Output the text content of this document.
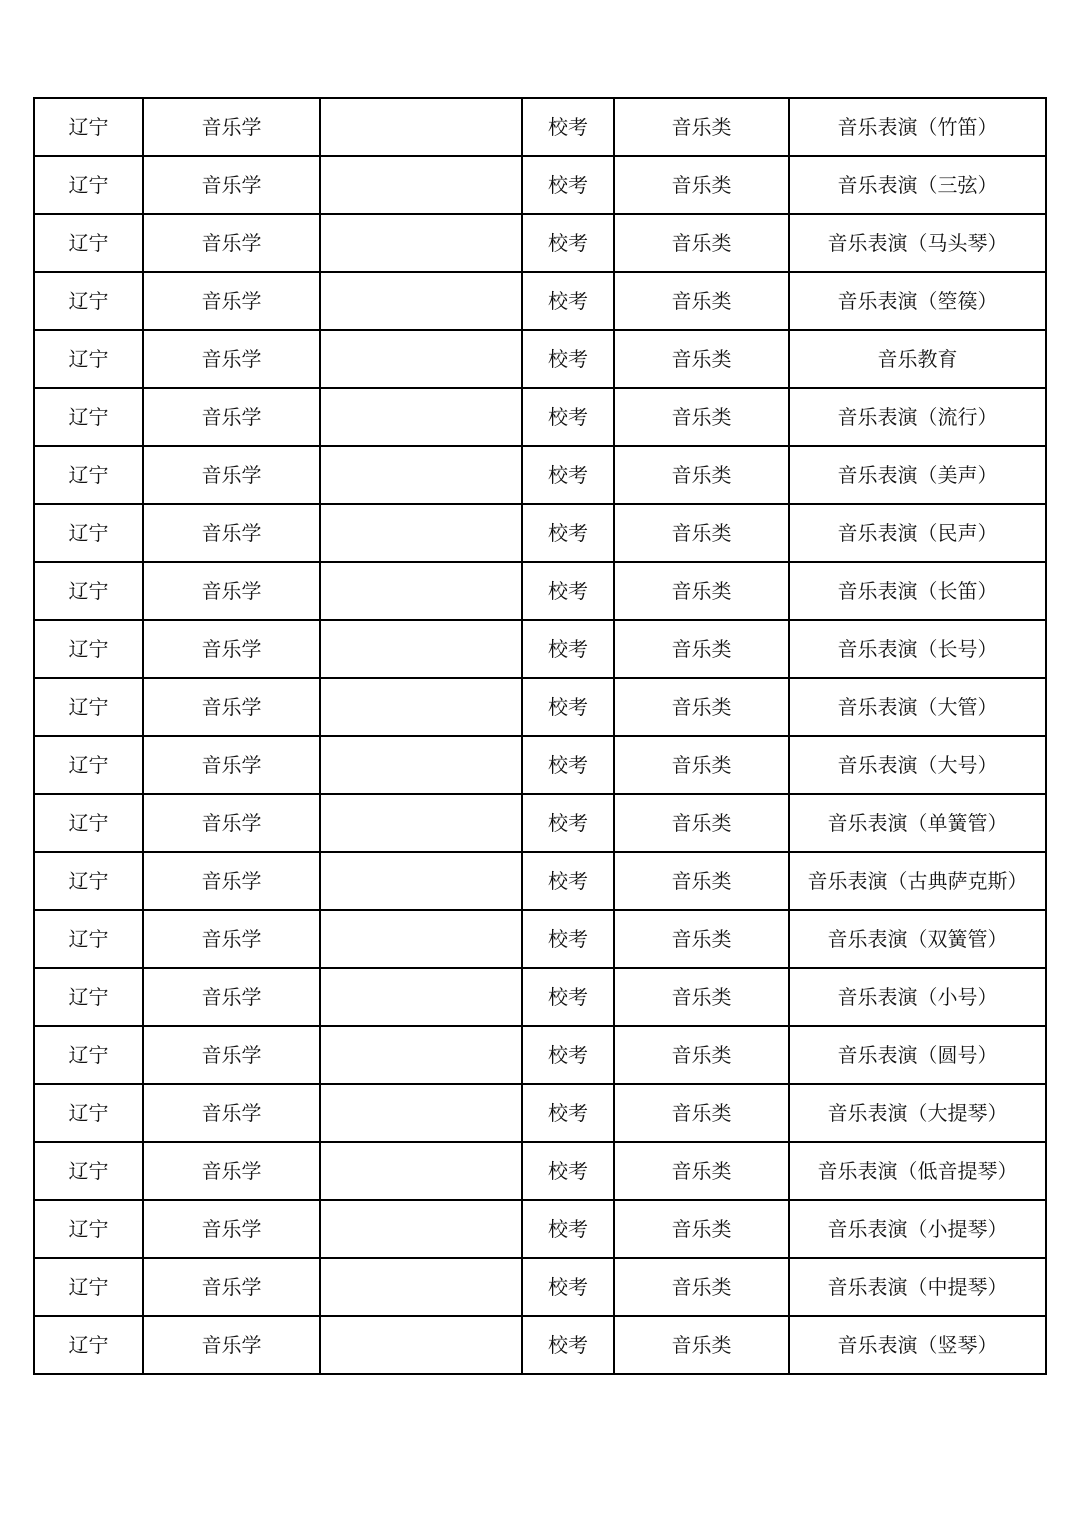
辽宁	音乐学		校考	音乐类	音乐表演（竹笛）
辽宁	音乐学		校考	音乐类	音乐表演（三弦）
辽宁	音乐学		校考	音乐类	音乐表演（马头琴）
辽宁	音乐学		校考	音乐类	音乐表演（箜篌）
辽宁	音乐学		校考	音乐类	音乐教育
辽宁	音乐学		校考	音乐类	音乐表演（流行）
辽宁	音乐学		校考	音乐类	音乐表演（美声）
辽宁	音乐学		校考	音乐类	音乐表演（民声）
辽宁	音乐学		校考	音乐类	音乐表演（长笛）
辽宁	音乐学		校考	音乐类	音乐表演（长号）
辽宁	音乐学		校考	音乐类	音乐表演（大管）
辽宁	音乐学		校考	音乐类	音乐表演（大号）
辽宁	音乐学		校考	音乐类	音乐表演（单簧管）
辽宁	音乐学		校考	音乐类	音乐表演（古典萨克斯）
辽宁	音乐学		校考	音乐类	音乐表演（双簧管）
辽宁	音乐学		校考	音乐类	音乐表演（小号）
辽宁	音乐学		校考	音乐类	音乐表演（圆号）
辽宁	音乐学		校考	音乐类	音乐表演（大提琴）
辽宁	音乐学		校考	音乐类	音乐表演（低音提琴）
辽宁	音乐学		校考	音乐类	音乐表演（小提琴）
辽宁	音乐学		校考	音乐类	音乐表演（中提琴）
辽宁	音乐学		校考	音乐类	音乐表演（竖琴）
